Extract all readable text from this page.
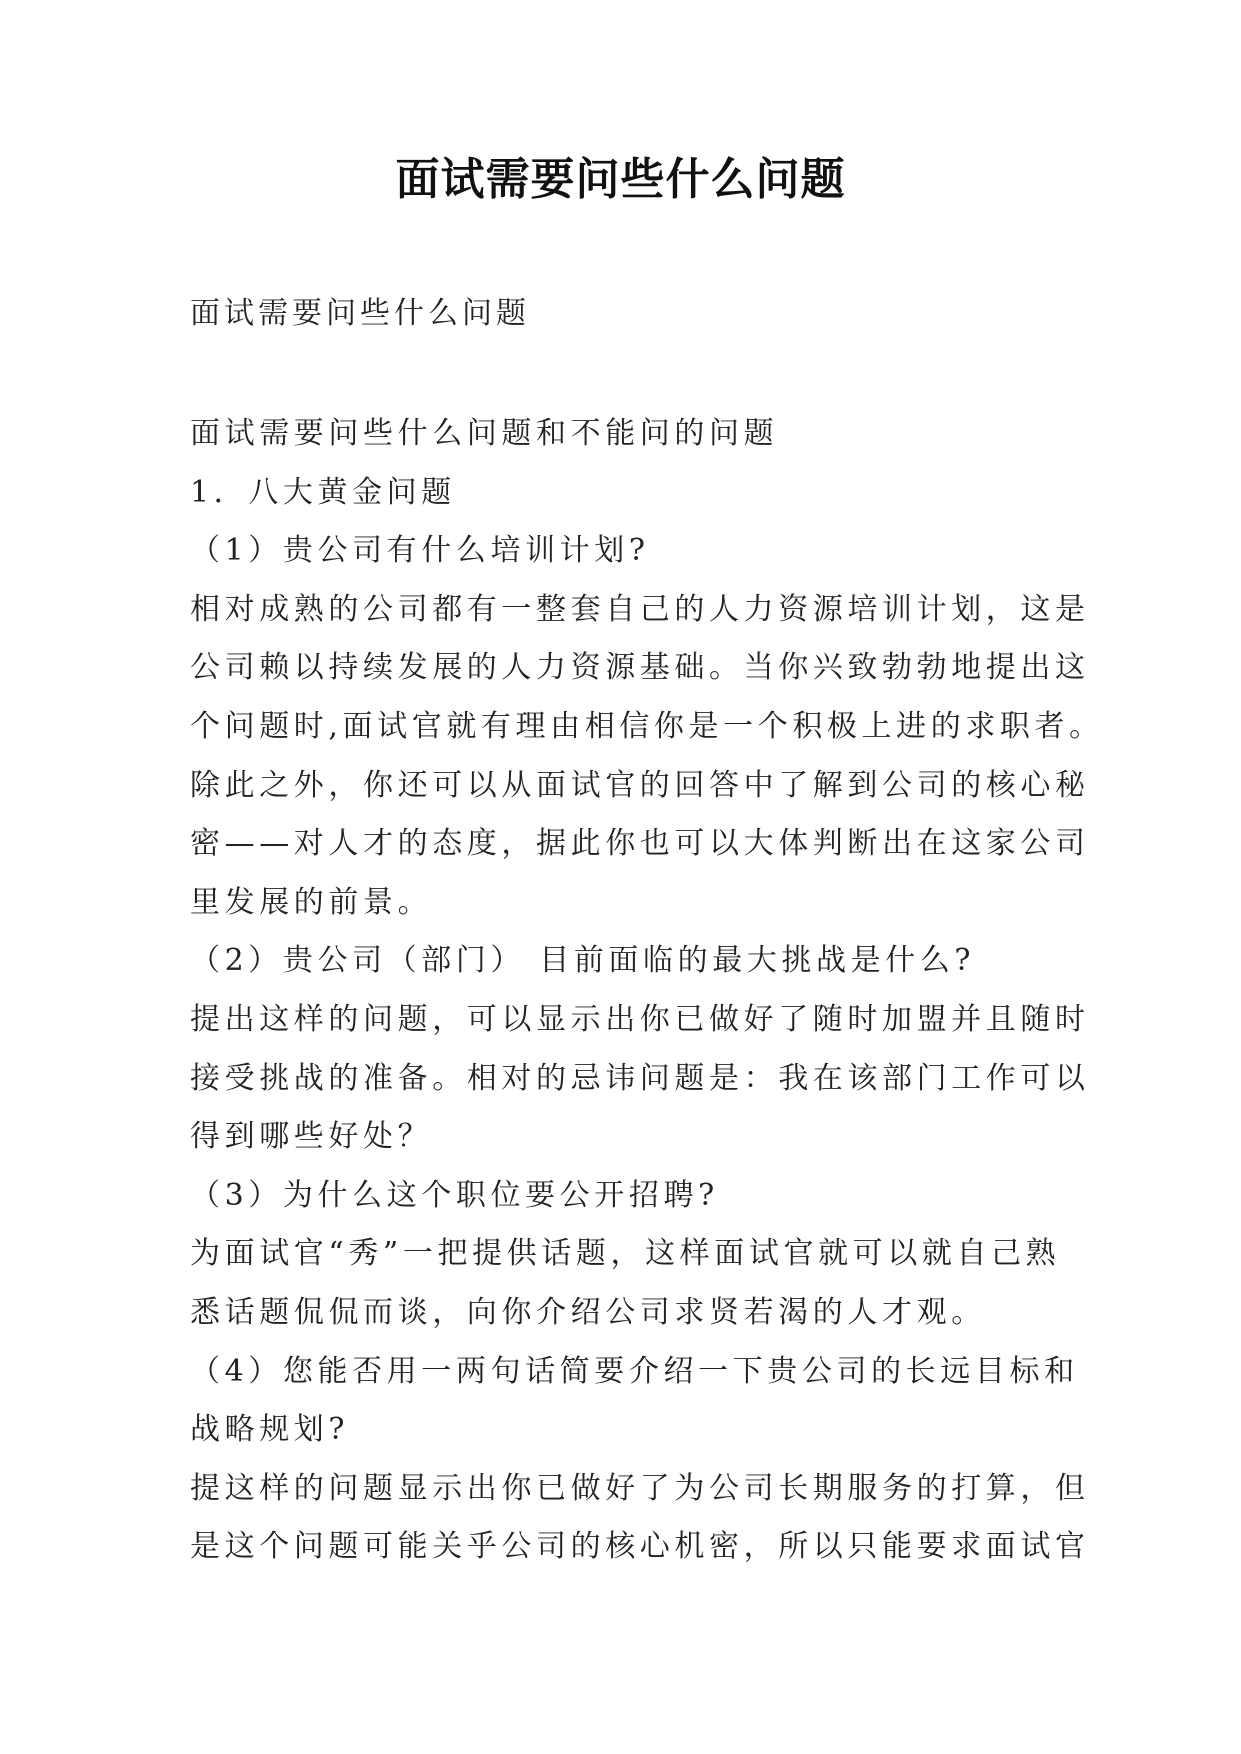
面试需要问些什么问题
面试需要问些什么问题
面试需要问些什么问题和不能问的问题
1．八大黄金问题
（1）贵公司有什么培训计划?
相对成熟的公司都有一整套自己的人力资源培训计划，这是
公司赖以持续发展的人力资源基础。当你兴致勃勃地提出这
个问题时,面试官就有理由相信你是一个积极上进的求职者。
除此之外，你还可以从面试官的回答中了解到公司的核心秘
密——对人才的态度，据此你也可以大体判断出在这家公司
里发展的前景。
（2）贵公司（部门） 目前面临的最大挑战是什么?
提出这样的问题，可以显示出你已做好了随时加盟并且随时
接受挑战的准备。相对的忌讳问题是：我在该部门工作可以
得到哪些好处？
（3）为什么这个职位要公开招聘?
为面试官“秀”一把提供话题，这样面试官就可以就自己熟
悉话题侃侃而谈，向你介绍公司求贤若渴的人才观。
（4）您能否用一两句话简要介绍一下贵公司的长远目标和
战略规划?
提这样的问题显示出你已做好了为公司长期服务的打算，但
是这个问题可能关乎公司的核心机密，所以只能要求面试官
